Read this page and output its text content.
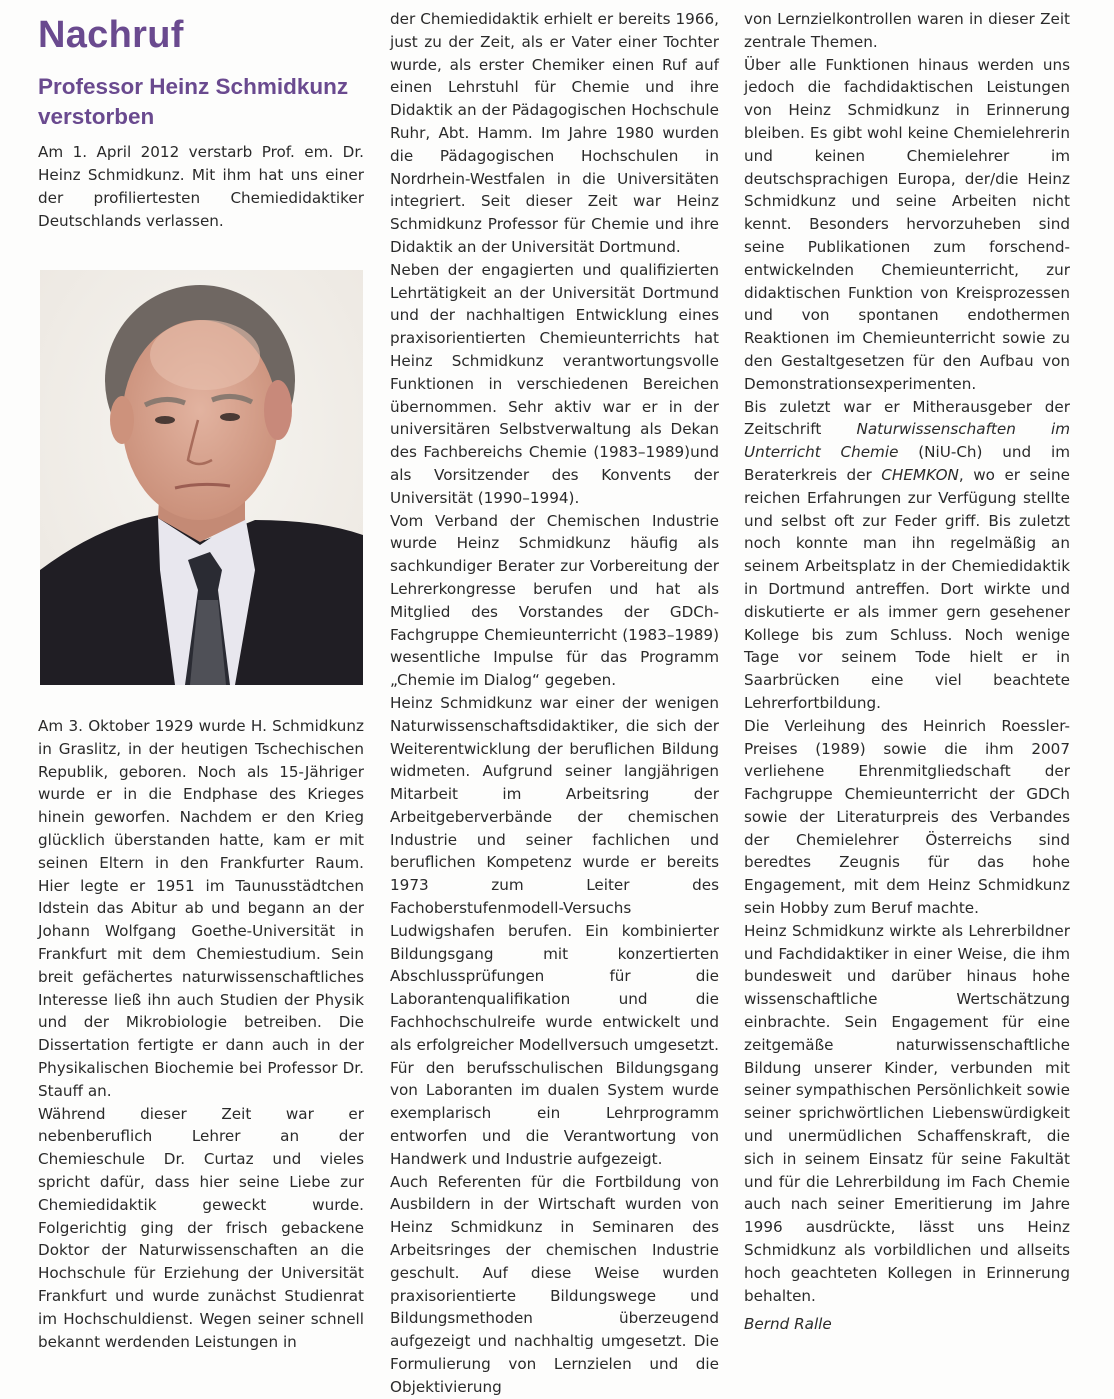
Nachruf
Professor Heinz Schmidkunz verstorben

Am 1. April 2012 verstarb Prof. em. Dr. Heinz Schmidkunz. Mit ihm hat uns einer der profiliertesten Chemiedidaktiker Deutschlands verlassen.

Am 3. Oktober 1929 wurde H. Schmidkunz in Graslitz, in der heutigen Tschechischen Republik, geboren. Noch als 15-Jähriger wurde er in die Endphase des Krieges hinein geworfen. Nachdem er den Krieg glücklich überstanden hatte, kam er mit seinen Eltern in den Frankfurter Raum. Hier legte er 1951 im Taunusstädtchen Idstein das Abitur ab und begann an der Johann Wolfgang Goethe-Universität in Frankfurt mit dem Chemiestudium. Sein breit gefächertes naturwissenschaftliches Interesse ließ ihn auch Studien der Physik und der Mikrobiologie betreiben. Die Dissertation fertigte er dann auch in der Physikalischen Biochemie bei Professor Dr. Stauff an.

Während dieser Zeit war er nebenberuflich Lehrer an der Chemieschule Dr. Curtaz und vieles spricht dafür, dass hier seine Liebe zur Chemiedidaktik geweckt wurde. Folgerichtig ging der frisch gebackene Doktor der Naturwissenschaften an die Hochschule für Erziehung der Universität Frankfurt und wurde zunächst Studienrat im Hochschuldienst. Wegen seiner schnell bekannt werdenden Leistungen in

der Chemiedidaktik erhielt er bereits 1966, just zu der Zeit, als er Vater einer Tochter wurde, als erster Chemiker einen Ruf auf einen Lehrstuhl für Chemie und ihre Didaktik an der Pädagogischen Hochschule Ruhr, Abt. Hamm. Im Jahre 1980 wurden die Pädagogischen Hochschulen in Nordrhein-Westfalen in die Universitäten integriert. Seit dieser Zeit war Heinz Schmidkunz Professor für Chemie und ihre Didaktik an der Universität Dortmund.

Neben der engagierten und qualifizierten Lehrtätigkeit an der Universität Dortmund und der nachhaltigen Entwicklung eines praxisorientierten Chemieunterrichts hat Heinz Schmidkunz verantwortungsvolle Funktionen in verschiedenen Bereichen übernommen. Sehr aktiv war er in der universitären Selbstverwaltung als Dekan des Fachbereichs Chemie (1983–1989)und als Vorsitzender des Konvents der Universität (1990–1994).

Vom Verband der Chemischen Industrie wurde Heinz Schmidkunz häufig als sachkundiger Berater zur Vorbereitung der Lehrerkongresse berufen und hat als Mitglied des Vorstandes der GDCh-Fachgruppe Chemieunterricht (1983–1989) wesentliche Impulse für das Programm „Chemie im Dialog“ gegeben.

Heinz Schmidkunz war einer der wenigen Naturwissenschaftsdidaktiker, die sich der Weiterentwicklung der beruflichen Bildung widmeten. Aufgrund seiner langjährigen Mitarbeit im Arbeitsring der Arbeitgeberverbände der chemischen Industrie und seiner fachlichen und beruflichen Kompetenz wurde er bereits 1973 zum Leiter des Fachoberstufenmodell-Versuchs Ludwigshafen berufen. Ein kombinierter Bildungsgang mit konzertierten Abschlussprüfungen für die Laborantenqualifikation und die Fachhochschulreife wurde entwickelt und als erfolgreicher Modellversuch umgesetzt. Für den berufsschulischen Bildungsgang von Laboranten im dualen System wurde exemplarisch ein Lehrprogramm entworfen und die Verantwortung von Handwerk und Industrie aufgezeigt.

Auch Referenten für die Fortbildung von Ausbildern in der Wirtschaft wurden von Heinz Schmidkunz in Seminaren des Arbeitsringes der chemischen Industrie geschult. Auf diese Weise wurden praxisorientierte Bildungswege und Bildungsmethoden überzeugend aufgezeigt und nachhaltig umgesetzt. Die Formulierung von Lernzielen und die Objektivierung

von Lernzielkontrollen waren in dieser Zeit zentrale Themen.

Über alle Funktionen hinaus werden uns jedoch die fachdidaktischen Leistungen von Heinz Schmidkunz in Erinnerung bleiben. Es gibt wohl keine Chemielehrerin und keinen Chemielehrer im deutschsprachigen Europa, der/die Heinz Schmidkunz und seine Arbeiten nicht kennt. Besonders hervorzuheben sind seine Publikationen zum forschend-entwickelnden Chemieunterricht, zur didaktischen Funktion von Kreisprozessen und von spontanen endothermen Reaktionen im Chemieunterricht sowie zu den Gestaltgesetzen für den Aufbau von Demonstrationsexperimenten.

Bis zuletzt war er Mitherausgeber der Zeitschrift Naturwissenschaften im Unterricht Chemie (NiU-Ch) und im Beraterkreis der CHEMKON, wo er seine reichen Erfahrungen zur Verfügung stellte und selbst oft zur Feder griff. Bis zuletzt noch konnte man ihn regelmäßig an seinem Arbeitsplatz in der Chemiedidaktik in Dortmund antreffen. Dort wirkte und diskutierte er als immer gern gesehener Kollege bis zum Schluss. Noch wenige Tage vor seinem Tode hielt er in Saarbrücken eine viel beachtete Lehrerfortbildung.

Die Verleihung des Heinrich Roessler-Preises (1989) sowie die ihm 2007 verliehene Ehrenmitgliedschaft der Fachgruppe Chemieunterricht der GDCh sowie der Literaturpreis des Verbandes der Chemielehrer Österreichs sind beredtes Zeugnis für das hohe Engagement, mit dem Heinz Schmidkunz sein Hobby zum Beruf machte.

Heinz Schmidkunz wirkte als Lehrerbildner und Fachdidaktiker in einer Weise, die ihm bundesweit und darüber hinaus hohe wissenschaftliche Wertschätzung einbrachte. Sein Engagement für eine zeitgemäße naturwissenschaftliche Bildung unserer Kinder, verbunden mit seiner sympathischen Persönlichkeit sowie seiner sprichwörtlichen Liebenswürdigkeit und unermüdlichen Schaffenskraft, die sich in seinem Einsatz für seine Fakultät und für die Lehrerbildung im Fach Chemie auch nach seiner Emeritierung im Jahre 1996 ausdrückte, lässt uns Heinz Schmidkunz als vorbildlichen und allseits hoch geachteten Kollegen in Erinnerung behalten.

Bernd Ralle
